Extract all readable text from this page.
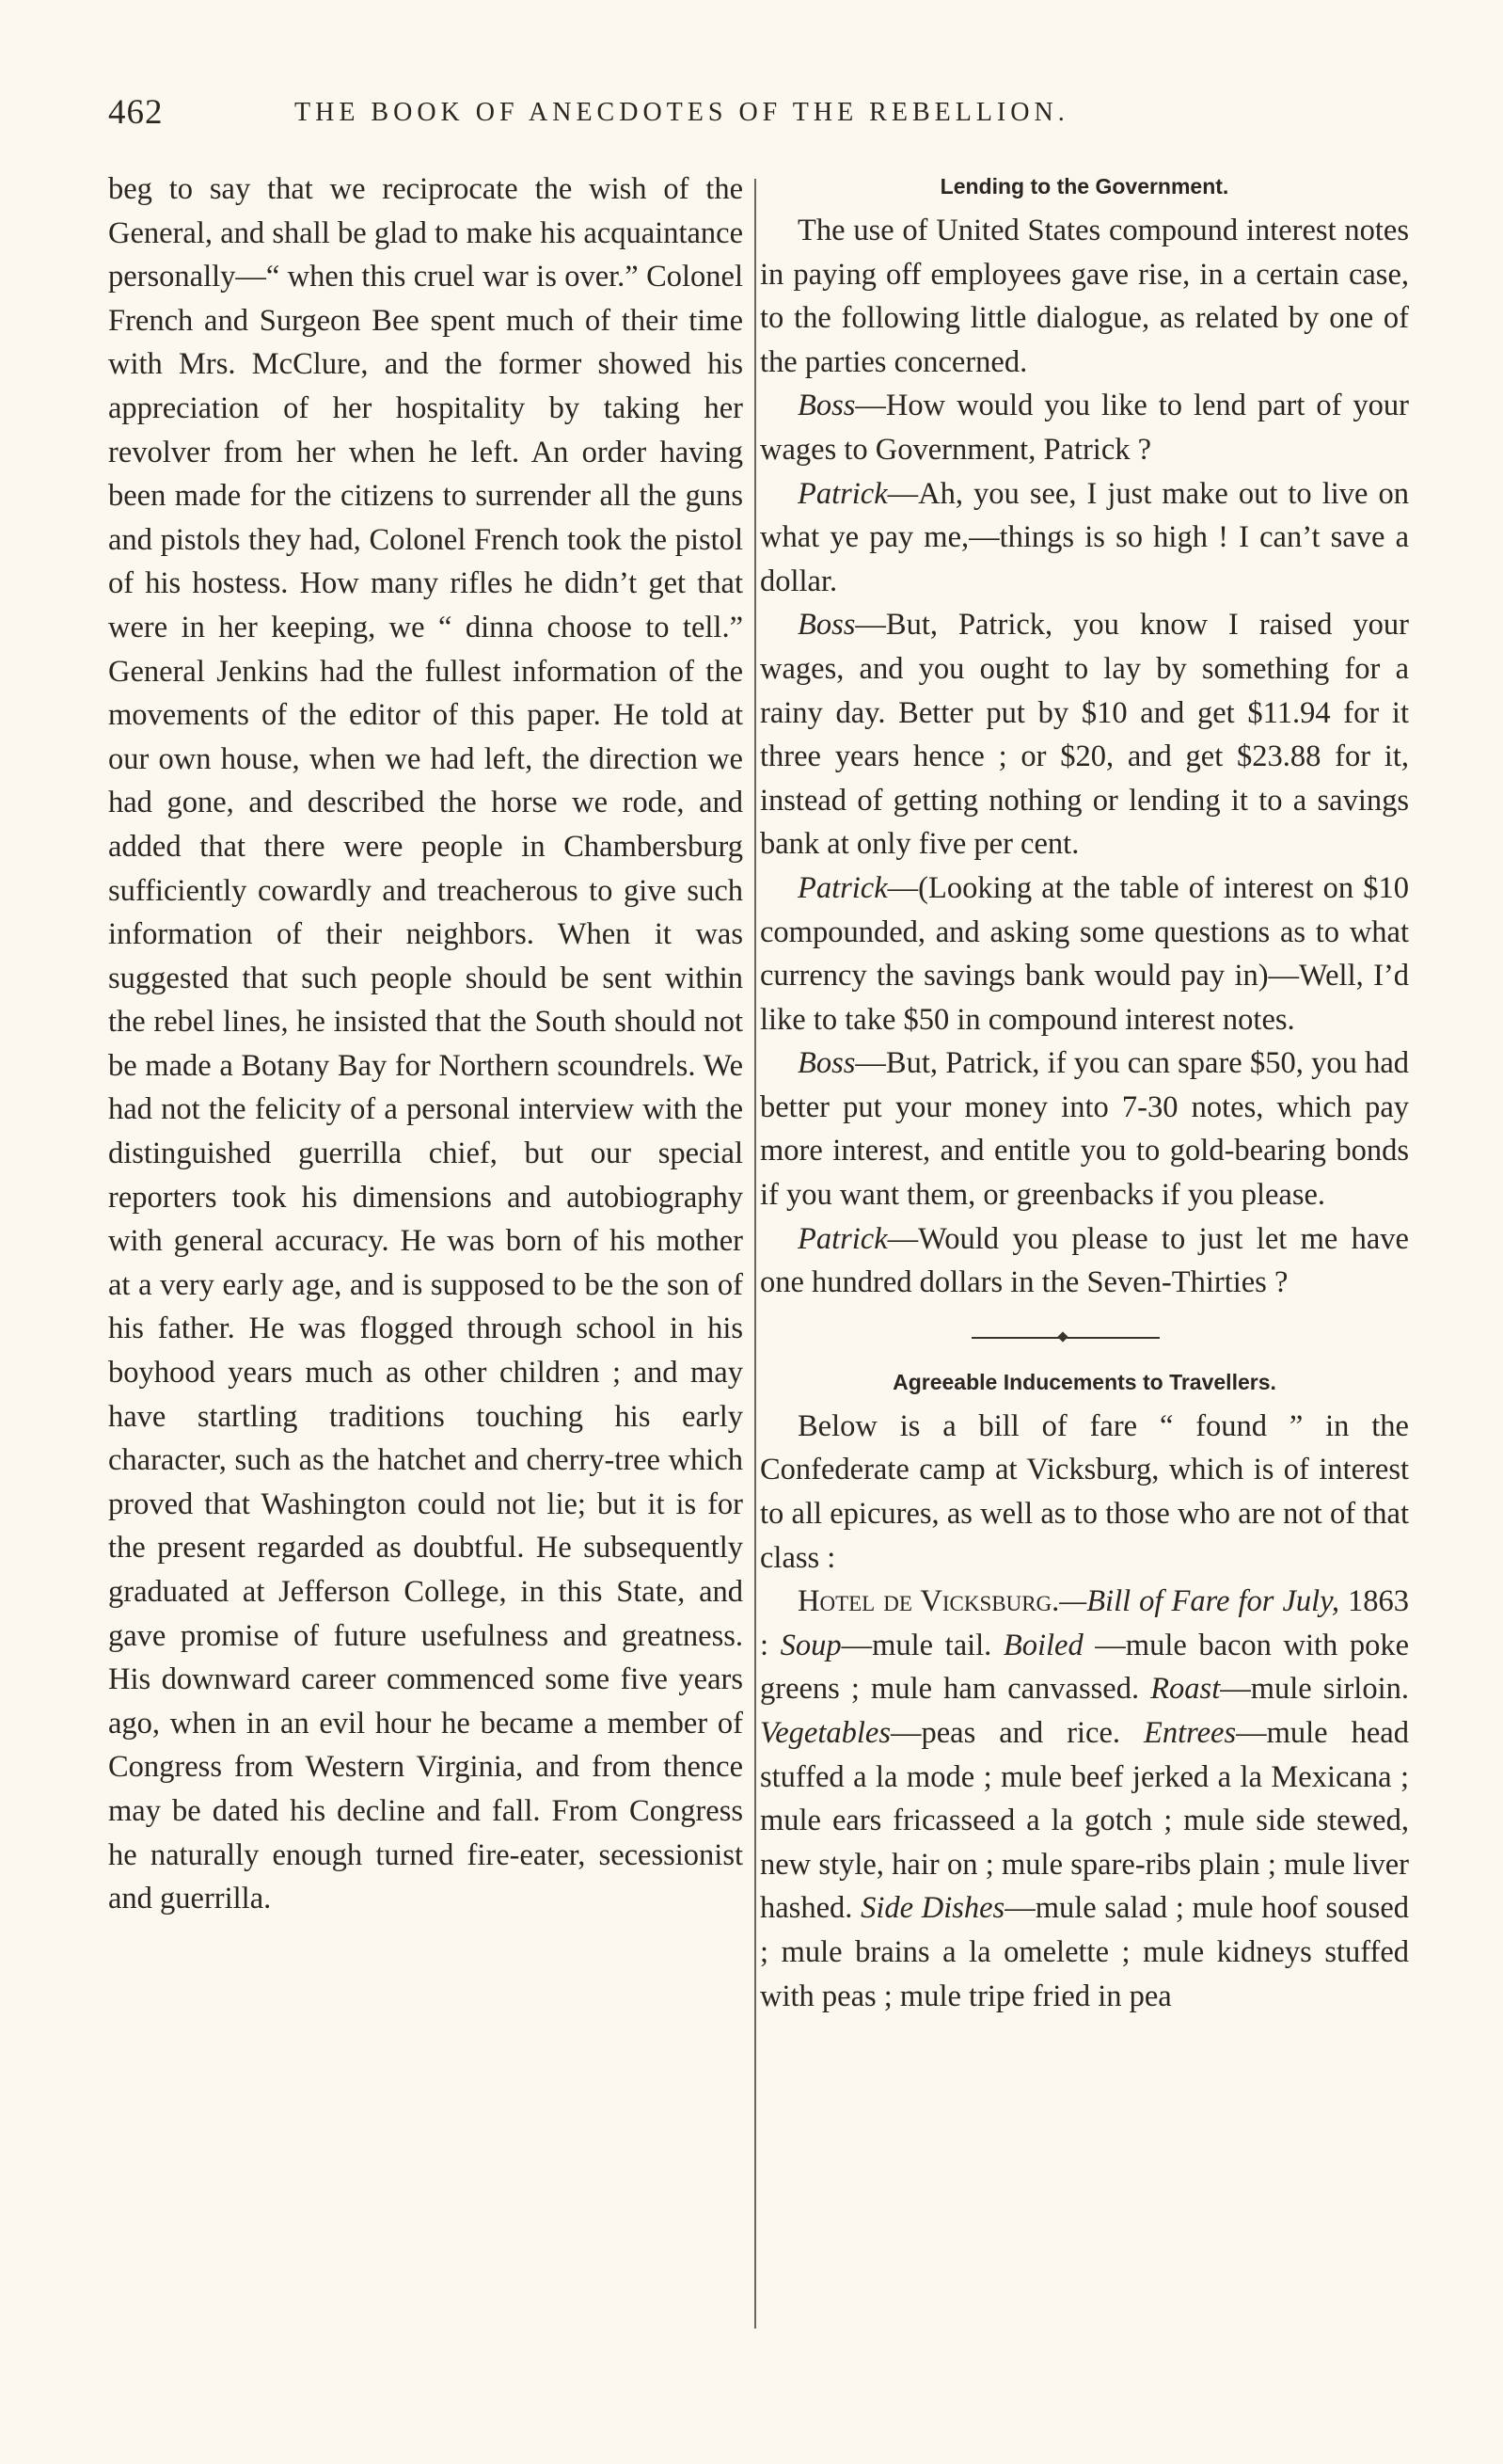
462	THE BOOK OF ANECDOTES OF THE REBELLION.

beg to say that we reciprocate the wish of the General, and shall be glad to make his acquaintance personally—“ when this cruel war is over.” Colonel French and Surgeon Bee spent much of their time with Mrs. McClure, and the former showed his appreciation of her hospitality by taking her revolver from her when he left. An order having been made for the citizens to surrender all the guns and pistols they had, Colonel French took the pistol of his hostess. How many rifles he didn’t get that were in her keeping, we “ dinna choose to tell.” General Jenkins had the fullest information of the movements of the editor of this paper. He told at our own house, when we had left, the direction we had gone, and described the horse we rode, and added that there were people in Chambersburg sufficiently cowardly and treacherous to give such information of their neighbors. When it was suggested that such people should be sent within the rebel lines, he insisted that the South should not be made a Botany Bay for Northern scoundrels. We had not the felicity of a personal interview with the distinguished guerrilla chief, but our special reporters took his dimensions and autobiography with general accuracy. He was born of his mother at a very early age, and is supposed to be the son of his father. He was flogged through school in his boyhood years much as other children ; and may have startling traditions touching his early character, such as the hatchet and cherry-tree which proved that Washington could not lie; but it is for the present regarded as doubtful. He subsequently graduated at Jefferson College, in this State, and gave promise of future usefulness and greatness. His downward career commenced some five years ago, when in an evil hour he became a member of Congress from Western Virginia, and from thence may be dated his decline and fall. From Congress he naturally enough turned fire-eater, secessionist and guerrilla.

Lending to the Government.

The use of United States compound interest notes in paying off employees gave rise, in a certain case, to the following little dialogue, as related by one of the parties concerned.

Boss—How would you like to lend part of your wages to Government, Patrick ?

Patrick—Ah, you see, I just make out to live on what ye pay me,—things is so high ! I can’t save a dollar.

Boss—But, Patrick, you know I raised your wages, and you ought to lay by something for a rainy day. Better put by $10 and get $11.94 for it three years hence ; or $20, and get $23.88 for it, instead of getting nothing or lending it to a savings bank at only five per cent.

Patrick—(Looking at the table of interest on $10 compounded, and asking some questions as to what currency the savings bank would pay in)—Well, I’d like to take $50 in compound interest notes.

Boss—But, Patrick, if you can spare $50, you had better put your money into 7-30 notes, which pay more interest, and entitle you to gold-bearing bonds if you want them, or greenbacks if you please.

Patrick—Would you please to just let me have one hundred dollars in the Seven-Thirties ?

Agreeable Inducements to Travellers.

Below is a bill of fare “ found ” in the Confederate camp at Vicksburg, which is of interest to all epicures, as well as to those who are not of that class :

Hotel de Vicksburg.—Bill of Fare for July, 1863 : Soup—mule tail. Boiled —mule bacon with poke greens ; mule ham canvassed. Roast—mule sirloin. Vegetables—peas and rice. Entrees—mule head stuffed a la mode ; mule beef jerked a la Mexicana ; mule ears fricasseed a la gotch ; mule side stewed, new style, hair on ; mule spare-ribs plain ; mule liver hashed. Side Dishes—mule salad ; mule hoof soused ; mule brains a la omelette ; mule kidneys stuffed with peas ; mule tripe fried in pea
